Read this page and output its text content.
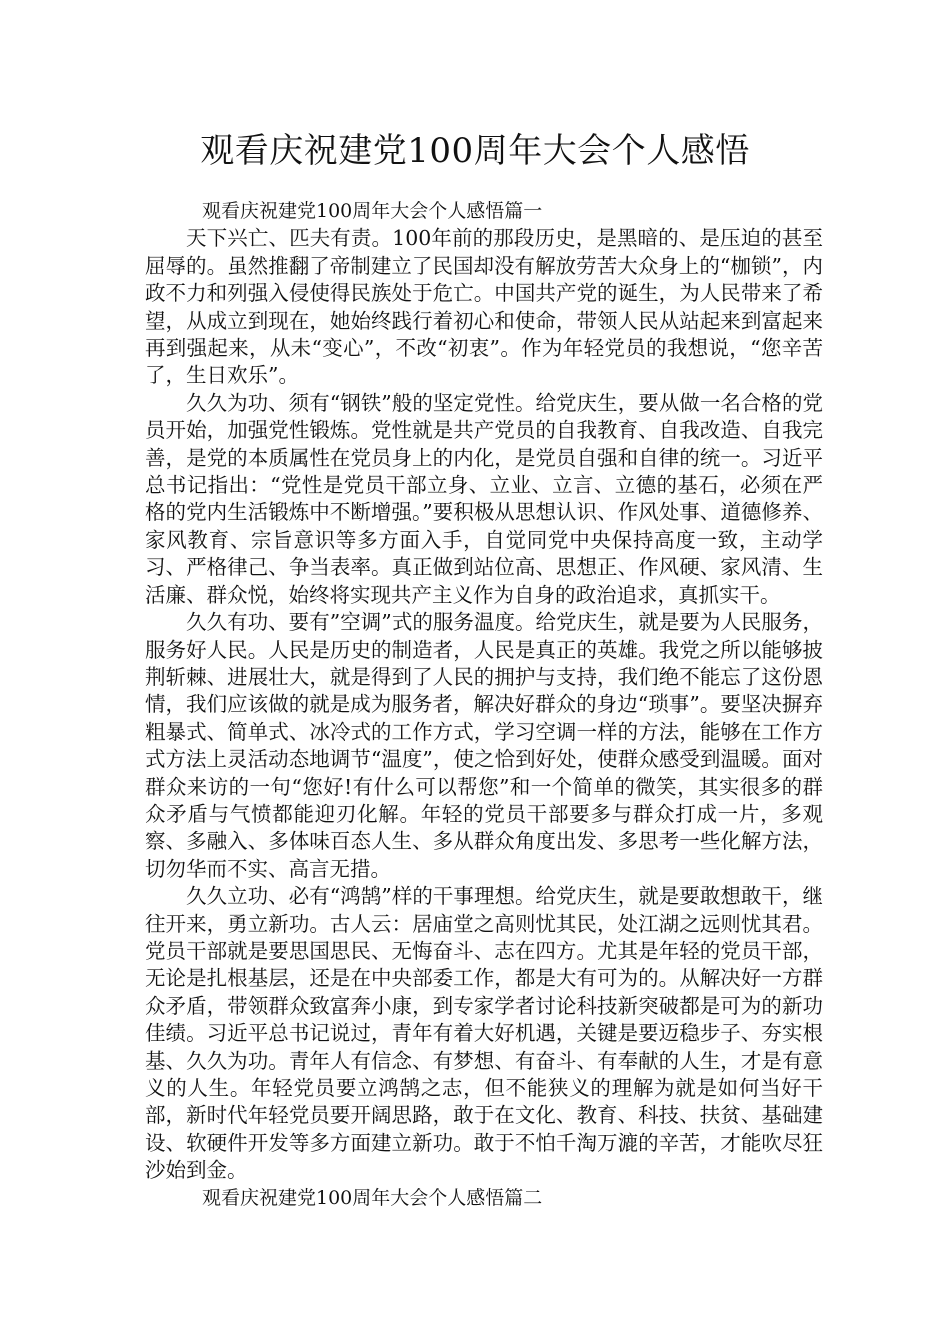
观看庆祝建党100周年大会个人感悟

观看庆祝建党100周年大会个人感悟篇一

天下兴亡、匹夫有责。100年前的那段历史，是黑暗的、是压迫的甚至屈辱的。虽然推翻了帝制建立了民国却没有解放劳苦大众身上的“枷锁”，内政不力和列强入侵使得民族处于危亡。中国共产党的诞生，为人民带来了希望，从成立到现在，她始终践行着初心和使命，带领人民从站起来到富起来再到强起来，从未“变心”，不改“初衷”。作为年轻党员的我想说，“您辛苦了，生日欢乐”。

久久为功、须有“钢铁”般的坚定党性。给党庆生，要从做一名合格的党员开始，加强党性锻炼。党性就是共产党员的自我教育、自我改造、自我完善，是党的本质属性在党员身上的内化，是党员自强和自律的统一。习近平总书记指出：“党性是党员干部立身、立业、立言、立德的基石，必须在严格的党内生活锻炼中不断增强。”要积极从思想认识、作风处事、道德修养、家风教育、宗旨意识等多方面入手，自觉同党中央保持高度一致，主动学习、严格律己、争当表率。真正做到站位高、思想正、作风硬、家风清、生活廉、群众悦，始终将实现共产主义作为自身的政治追求，真抓实干。

久久有功、要有”空调”式的服务温度。给党庆生，就是要为人民服务，服务好人民。人民是历史的制造者，人民是真正的英雄。我党之所以能够披荆斩棘、进展壮大，就是得到了人民的拥护与支持，我们绝不能忘了这份恩情，我们应该做的就是成为服务者，解决好群众的身边“琐事”。要坚决摒弃粗暴式、简单式、冰冷式的工作方式，学习空调一样的方法，能够在工作方式方法上灵活动态地调节“温度”，使之恰到好处，使群众感受到温暖。面对群众来访的一句“您好!有什么可以帮您”和一个简单的微笑，其实很多的群众矛盾与气愤都能迎刃化解。年轻的党员干部要多与群众打成一片，多观察、多融入、多体味百态人生、多从群众角度出发、多思考一些化解方法，切勿华而不实、高言无措。

久久立功、必有“鸿鹄”样的干事理想。给党庆生，就是要敢想敢干，继往开来，勇立新功。古人云：居庙堂之高则忧其民，处江湖之远则忧其君。党员干部就是要思国思民、无悔奋斗、志在四方。尤其是年轻的党员干部，无论是扎根基层，还是在中央部委工作，都是大有可为的。从解决好一方群众矛盾，带领群众致富奔小康，到专家学者讨论科技新突破都是可为的新功佳绩。习近平总书记说过，青年有着大好机遇，关键是要迈稳步子、夯实根基、久久为功。青年人有信念、有梦想、有奋斗、有奉献的人生，才是有意义的人生。年轻党员要立鸿鹄之志，但不能狭义的理解为就是如何当好干部，新时代年轻党员要开阔思路，敢于在文化、教育、科技、扶贫、基础建设、软硬件开发等多方面建立新功。敢于不怕千淘万漉的辛苦，才能吹尽狂沙始到金。

观看庆祝建党100周年大会个人感悟篇二
